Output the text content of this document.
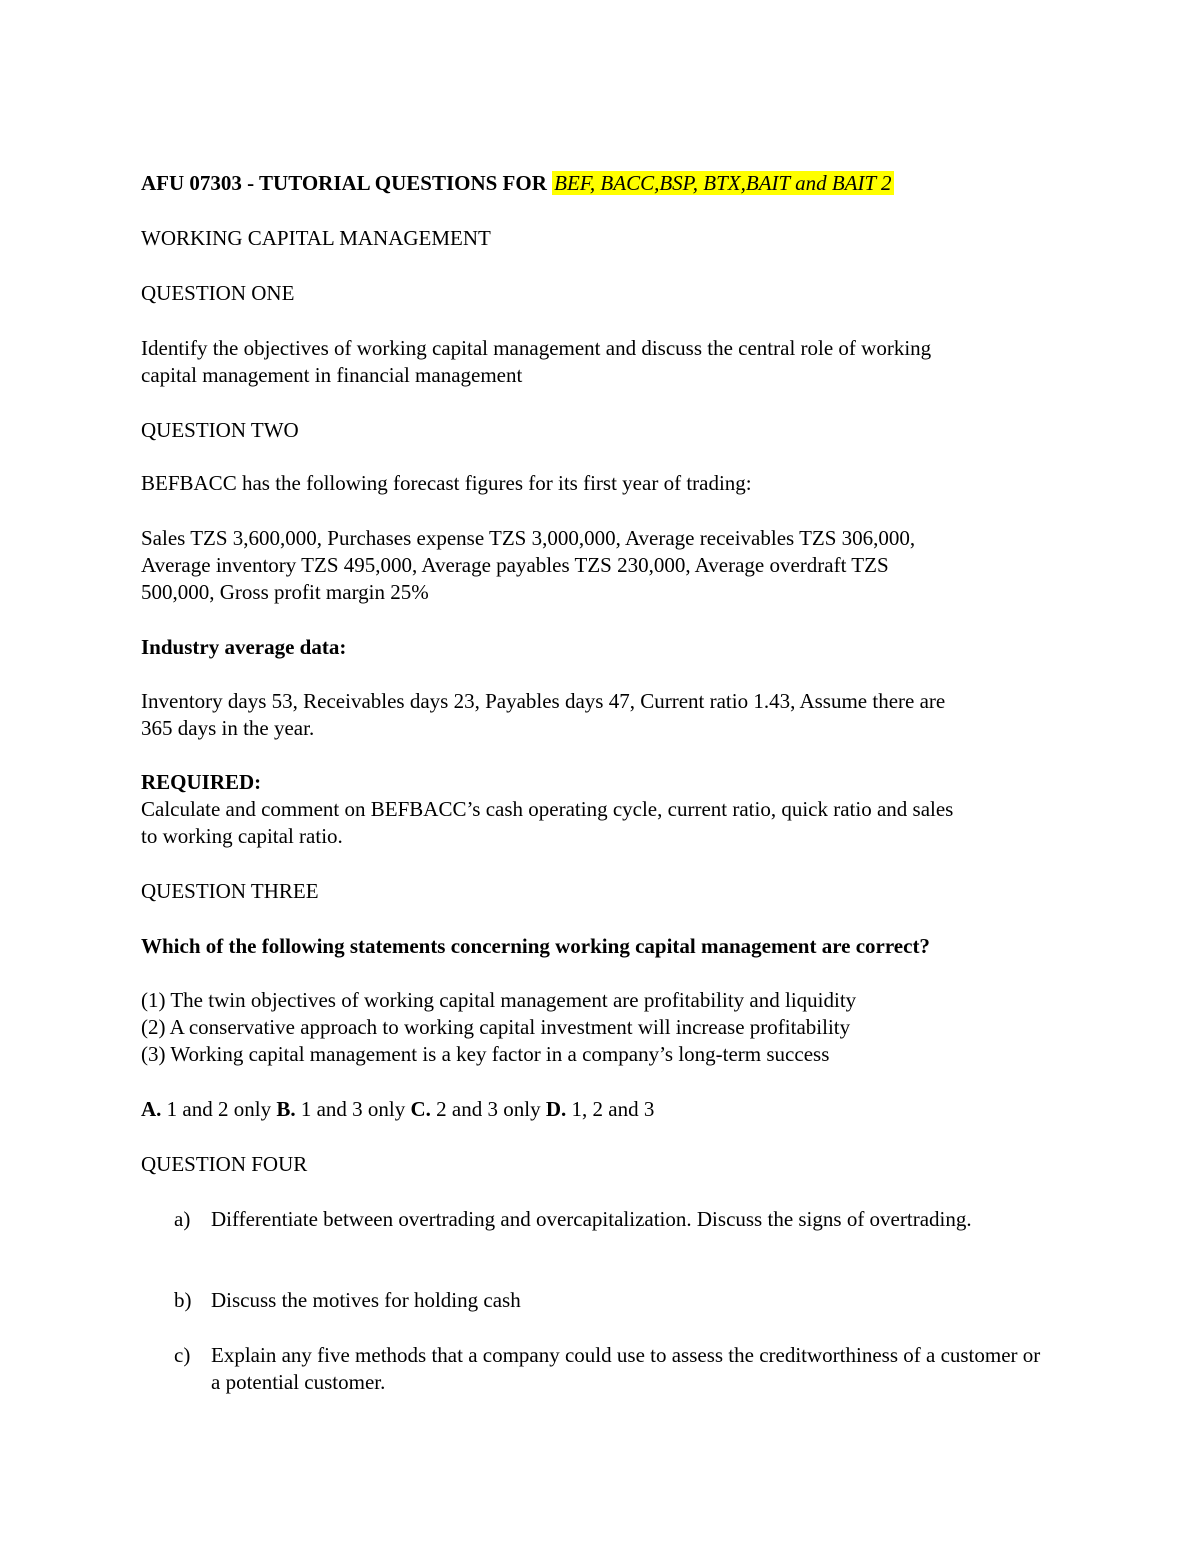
AFU 07303 - TUTORIAL QUESTIONS FOR BEF, BACC,BSP, BTX,BAIT and BAIT 2
WORKING CAPITAL MANAGEMENT
QUESTION ONE
Identify the objectives of working capital management and discuss the central role of working
capital management in financial management
QUESTION TWO
BEFBACC has the following forecast figures for its first year of trading:
Sales TZS 3,600,000, Purchases expense TZS 3,000,000, Average receivables TZS 306,000,
Average inventory TZS 495,000, Average payables TZS 230,000, Average overdraft TZS
500,000, Gross profit margin 25%
Industry average data:
Inventory days 53, Receivables days 23, Payables days 47, Current ratio 1.43, Assume there are
365 days in the year.
REQUIRED:
Calculate and comment on BEFBACC’s cash operating cycle, current ratio, quick ratio and sales
to working capital ratio.
QUESTION THREE
Which of the following statements concerning working capital management are correct?
(1) The twin objectives of working capital management are profitability and liquidity
(2) A conservative approach to working capital investment will increase profitability
(3) Working capital management is a key factor in a company’s long-term success
A. 1 and 2 only B. 1 and 3 only C. 2 and 3 only D. 1, 2 and 3
QUESTION FOUR
a) Differentiate between overtrading and overcapitalization. Discuss the signs of overtrading.
b) Discuss the motives for holding cash
c) Explain any five methods that a company could use to assess the creditworthiness of a customer or a potential customer.
